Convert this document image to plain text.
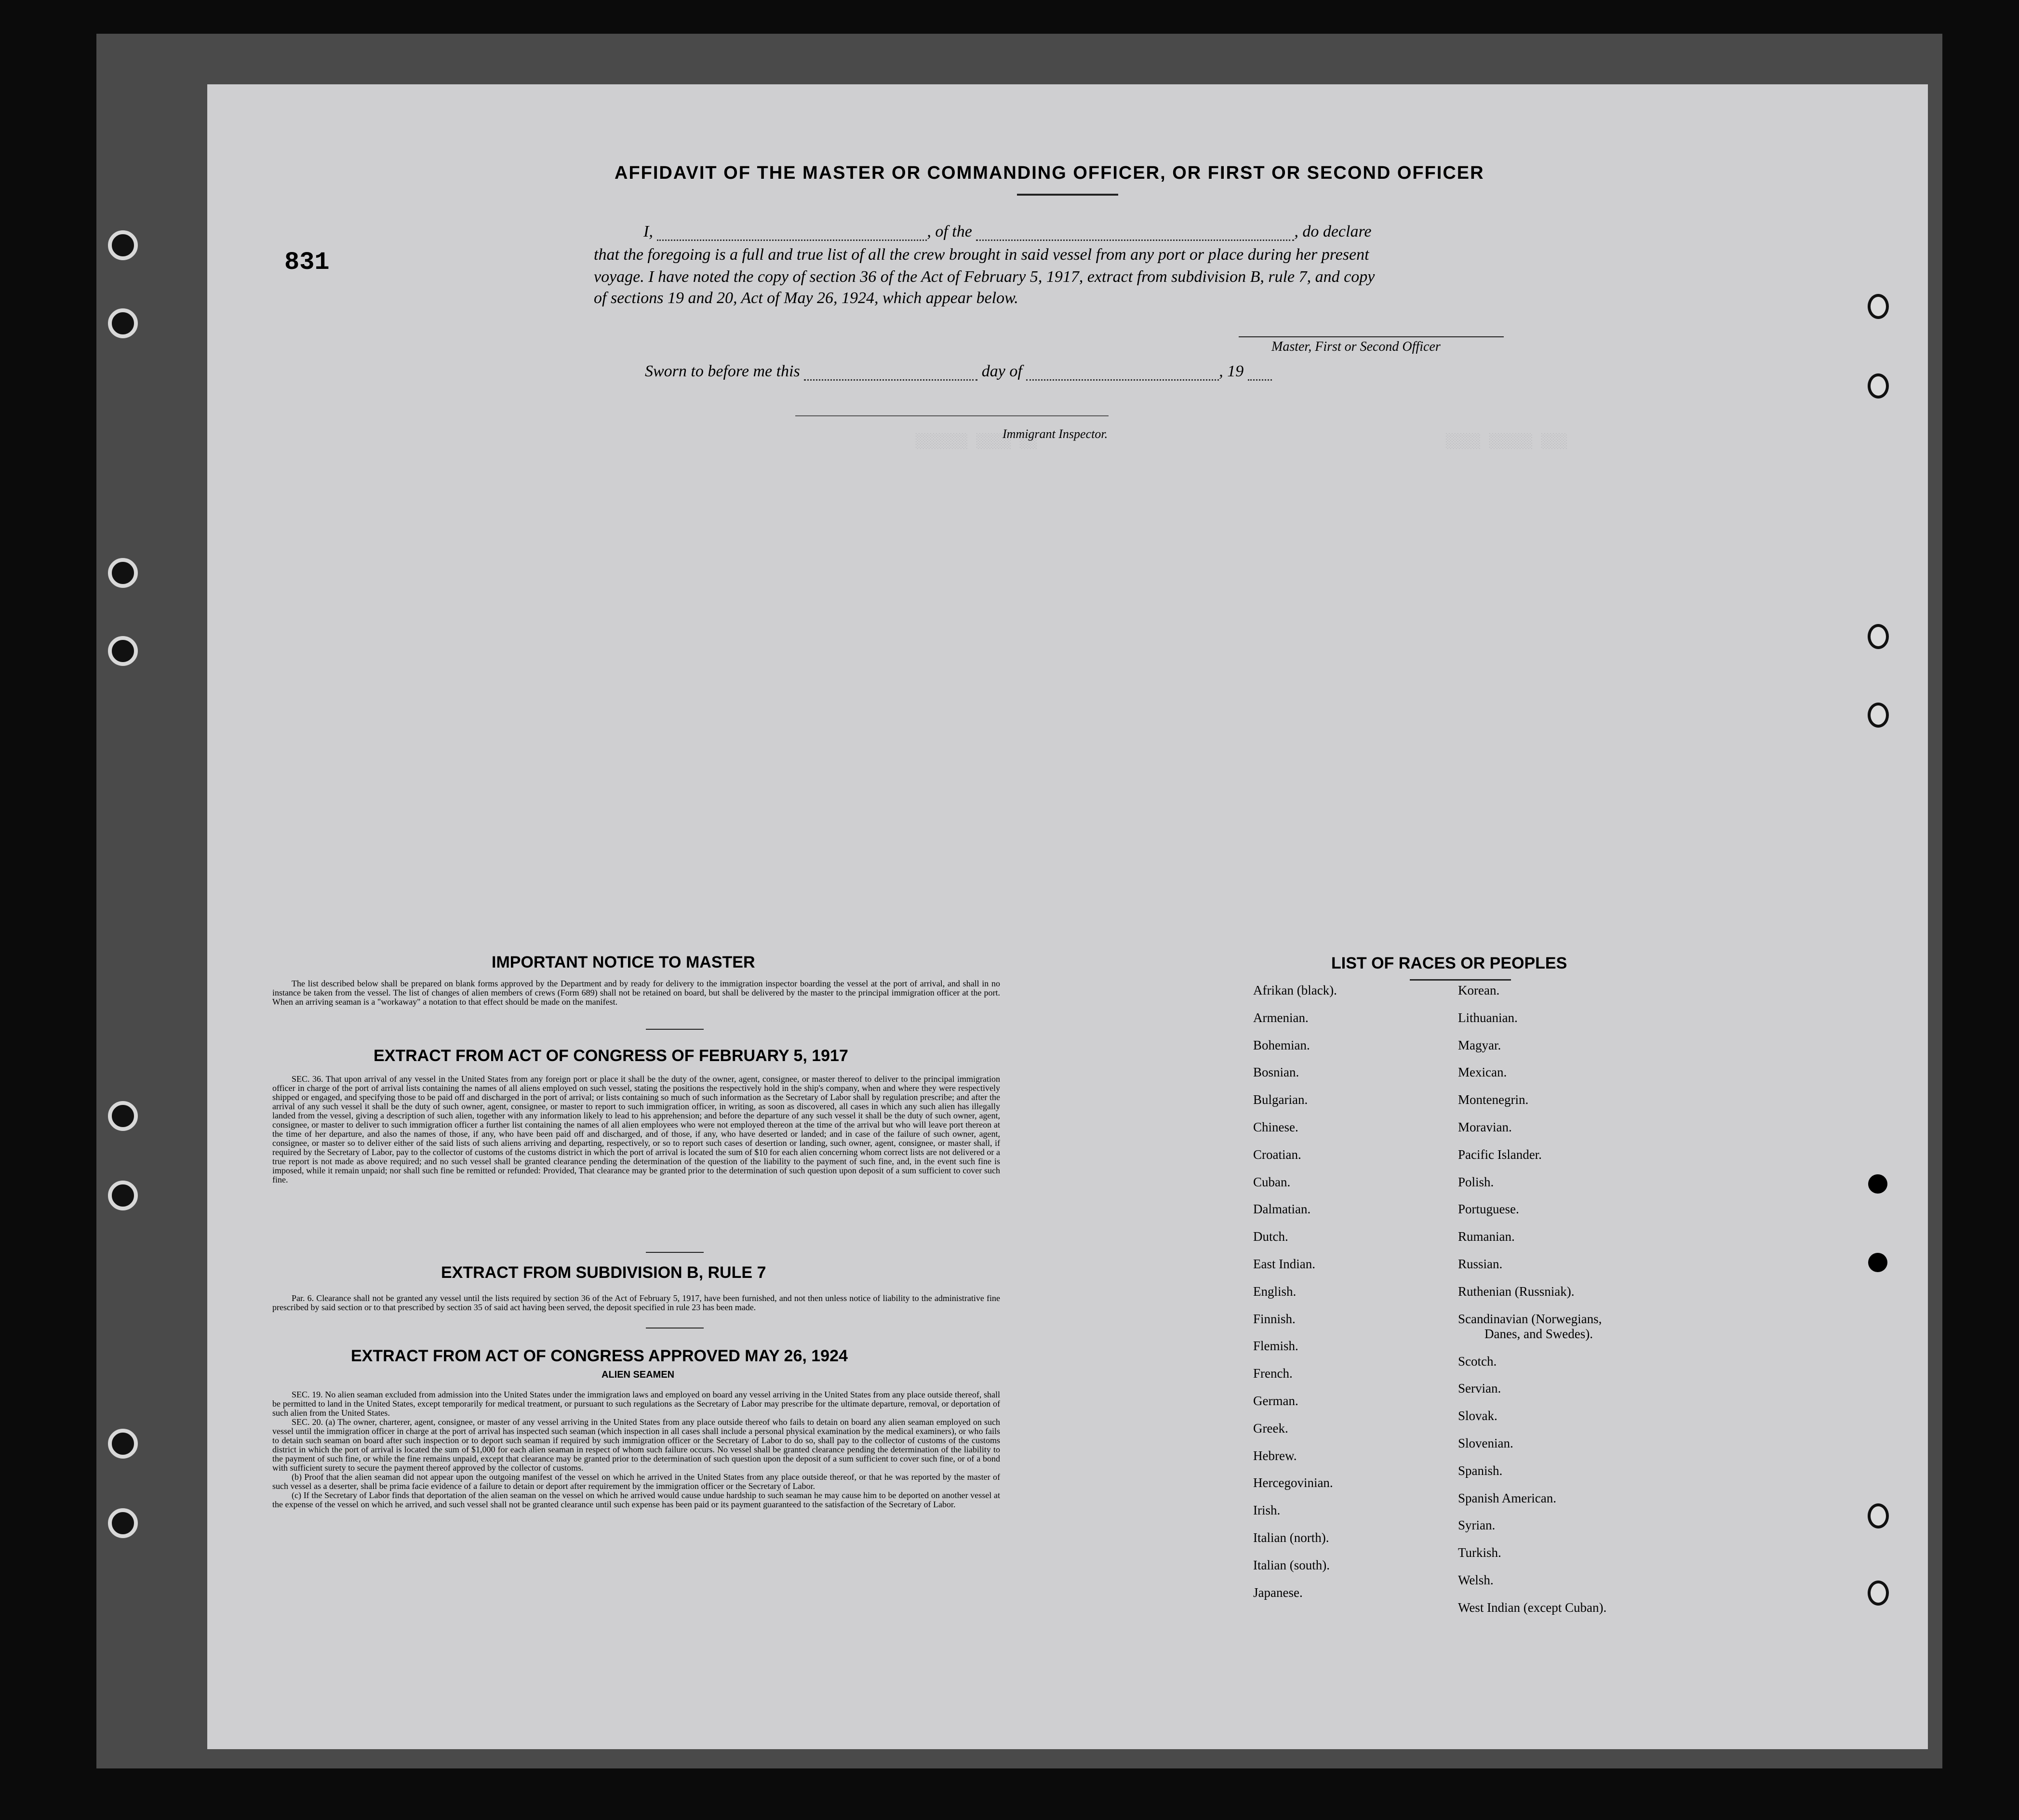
░░░░ ░░░░░ ░░░
░░░░░░ ░░░░ ░░
831
AFFIDAVIT OF THE MASTER OR COMMANDING OFFICER, OR FIRST OR SECOND OFFICER
I,	, of the	, do declare
that the foregoing is a full and true list of all the crew brought in said vessel from any port or place during her present
voyage. I have noted the copy of section 36 of the Act of February 5, 1917, extract from subdivision B, rule 7, and copy
of sections 19 and 20, Act of May 26, 1924, which appear below.
Master, First or Second Officer
Sworn to before me this	day of	, 19
Immigrant Inspector.
IMPORTANT NOTICE TO MASTER

The list described below shall be prepared on blank forms approved by the Department and by ready for delivery to the immigration inspector boarding the vessel at the port of arrival, and shall in no instance be taken from the vessel. The list of changes of alien members of crews (Form 689) shall not be retained on board, but shall be delivered by the master to the principal immigration officer at the port. When an arriving seaman is a "workaway" a notation to that effect should be made on the manifest.

EXTRACT FROM ACT OF CONGRESS OF FEBRUARY 5, 1917

SEC. 36. That upon arrival of any vessel in the United States from any foreign port or place it shall be the duty of the owner, agent, consignee, or master thereof to deliver to the principal immigration officer in charge of the port of arrival lists containing the names of all aliens employed on such vessel, stating the positions the respectively hold in the ship's company, when and where they were respectively shipped or engaged, and specifying those to be paid off and discharged in the port of arrival; or lists containing so much of such information as the Secretary of Labor shall by regulation prescribe; and after the arrival of any such vessel it shall be the duty of such owner, agent, consignee, or master to report to such immigration officer, in writing, as soon as discovered, all cases in which any such alien has illegally landed from the vessel, giving a description of such alien, together with any information likely to lead to his apprehension; and before the departure of any such vessel it shall be the duty of such owner, agent, consignee, or master to deliver to such immigration officer a further list containing the names of all alien employees who were not employed thereon at the time of the arrival but who will leave port thereon at the time of her departure, and also the names of those, if any, who have been paid off and discharged, and of those, if any, who have deserted or landed; and in case of the failure of such owner, agent, consignee, or master so to deliver either of the said lists of such aliens arriving and departing, respectively, or so to report such cases of desertion or landing, such owner, agent, consignee, or master shall, if required by the Secretary of Labor, pay to the collector of customs of the customs district in which the port of arrival is located the sum of $10 for each alien concerning whom correct lists are not delivered or a true report is not made as above required; and no such vessel shall be granted clearance pending the determination of the question of the liability to the payment of such fine, and, in the event such fine is imposed, while it remain unpaid; nor shall such fine be remitted or refunded: Provided, That clearance may be granted prior to the determination of such question upon deposit of a sum sufficient to cover such fine.

EXTRACT FROM SUBDIVISION B, RULE 7

Par. 6. Clearance shall not be granted any vessel until the lists required by section 36 of the Act of February 5, 1917, have been furnished, and not then unless notice of liability to the administrative fine prescribed by said section or to that prescribed by section 35 of said act having been served, the deposit specified in rule 23 has been made.

EXTRACT FROM ACT OF CONGRESS APPROVED MAY 26, 1924
ALIEN SEAMEN

SEC. 19. No alien seaman excluded from admission into the United States under the immigration laws and employed on board any vessel arriving in the United States from any place outside thereof, shall be permitted to land in the United States, except temporarily for medical treatment, or pursuant to such regulations as the Secretary of Labor may prescribe for the ultimate departure, removal, or deportation of such alien from the United States.

SEC. 20. (a) The owner, charterer, agent, consignee, or master of any vessel arriving in the United States from any place outside thereof who fails to detain on board any alien seaman employed on such vessel until the immigration officer in charge at the port of arrival has inspected such seaman (which inspection in all cases shall include a personal physical examination by the medical examiners), or who fails to detain such seaman on board after such inspection or to deport such seaman if required by such immigration officer or the Secretary of Labor to do so, shall pay to the collector of customs of the customs district in which the port of arrival is located the sum of $1,000 for each alien seaman in respect of whom such failure occurs. No vessel shall be granted clearance pending the determination of the liability to the payment of such fine, or while the fine remains unpaid, except that clearance may be granted prior to the determination of such question upon the deposit of a sum sufficient to cover such fine, or of a bond with sufficient surety to secure the payment thereof approved by the collector of customs.

(b) Proof that the alien seaman did not appear upon the outgoing manifest of the vessel on which he arrived in the United States from any place outside thereof, or that he was reported by the master of such vessel as a deserter, shall be prima facie evidence of a failure to detain or deport after requirement by the immigration officer or the Secretary of Labor.

(c) If the Secretary of Labor finds that deportation of the alien seaman on the vessel on which he arrived would cause undue hardship to such seaman he may cause him to be deported on another vessel at the expense of the vessel on which he arrived, and such vessel shall not be granted clearance until such expense has been paid or its payment guaranteed to the satisfaction of the Secretary of Labor.

LIST OF RACES OR PEOPLES
Afrikan (black).
Armenian.
Bohemian.
Bosnian.
Bulgarian.
Chinese.
Croatian.
Cuban.
Dalmatian.
Dutch.
East Indian.
English.
Finnish.
Flemish.
French.
German.
Greek.
Hebrew.
Hercegovinian.
Irish.
Italian (north).
Italian (south).
Japanese.
Korean.
Lithuanian.
Magyar.
Mexican.
Montenegrin.
Moravian.
Pacific Islander.
Polish.
Portuguese.
Rumanian.
Russian.
Ruthenian (Russniak).
Scandinavian (Norwegians,
Danes, and Swedes).
Scotch.
Servian.
Slovak.
Slovenian.
Spanish.
Spanish American.
Syrian.
Turkish.
Welsh.
West Indian (except Cuban).
